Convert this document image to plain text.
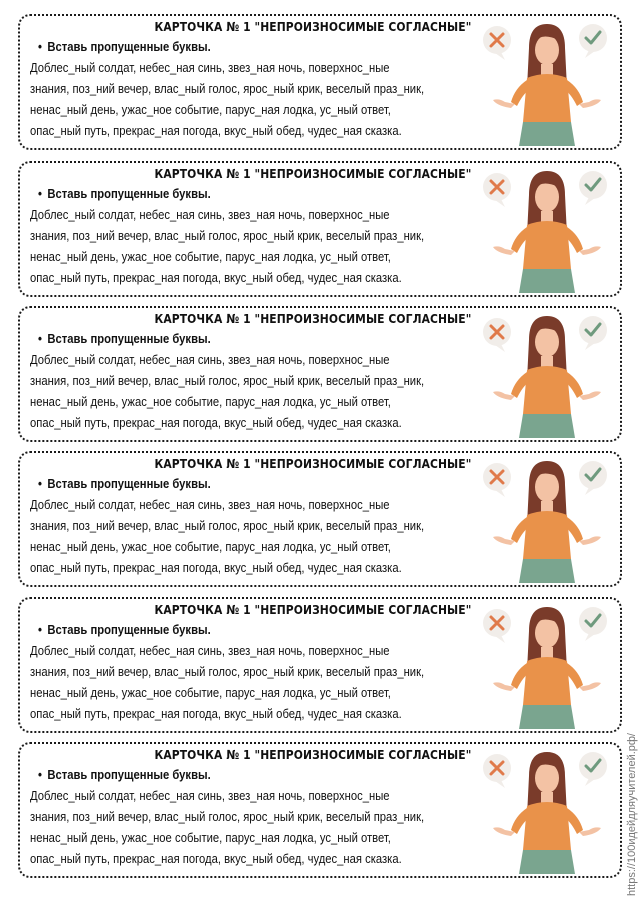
КАРТОЧКА № 1 "НЕПРОИЗНОСИМЫЕ СОГЛАСНЫЕ"
• Вставь пропущенные буквы.
Доблес_ный солдат, небес_ная синь, звез_ная ночь, поверхнос_ные
знания, поз_ний вечер, влас_ный голос, ярос_ный крик, веселый праз_ник,
ненас_ный день, ужас_ное событие, парус_ная лодка, ус_ный ответ,
опас_ный путь, прекрас_ная погода, вкус_ный обед, чудес_ная сказка.
КАРТОЧКА № 1 "НЕПРОИЗНОСИМЫЕ СОГЛАСНЫЕ"
• Вставь пропущенные буквы.
Доблес_ный солдат, небес_ная синь, звез_ная ночь, поверхнос_ные
знания, поз_ний вечер, влас_ный голос, ярос_ный крик, веселый праз_ник,
ненас_ный день, ужас_ное событие, парус_ная лодка, ус_ный ответ,
опас_ный путь, прекрас_ная погода, вкус_ный обед, чудес_ная сказка.
КАРТОЧКА № 1 "НЕПРОИЗНОСИМЫЕ СОГЛАСНЫЕ"
• Вставь пропущенные буквы.
Доблес_ный солдат, небес_ная синь, звез_ная ночь, поверхнос_ные
знания, поз_ний вечер, влас_ный голос, ярос_ный крик, веселый праз_ник,
ненас_ный день, ужас_ное событие, парус_ная лодка, ус_ный ответ,
опас_ный путь, прекрас_ная погода, вкус_ный обед, чудес_ная сказка.
КАРТОЧКА № 1 "НЕПРОИЗНОСИМЫЕ СОГЛАСНЫЕ"
• Вставь пропущенные буквы.
Доблес_ный солдат, небес_ная синь, звез_ная ночь, поверхнос_ные
знания, поз_ний вечер, влас_ный голос, ярос_ный крик, веселый праз_ник,
ненас_ный день, ужас_ное событие, парус_ная лодка, ус_ный ответ,
опас_ный путь, прекрас_ная погода, вкус_ный обед, чудес_ная сказка.
КАРТОЧКА № 1 "НЕПРОИЗНОСИМЫЕ СОГЛАСНЫЕ"
• Вставь пропущенные буквы.
Доблес_ный солдат, небес_ная синь, звез_ная ночь, поверхнос_ные
знания, поз_ний вечер, влас_ный голос, ярос_ный крик, веселый праз_ник,
ненас_ный день, ужас_ное событие, парус_ная лодка, ус_ный ответ,
опас_ный путь, прекрас_ная погода, вкус_ный обед, чудес_ная сказка.
КАРТОЧКА № 1 "НЕПРОИЗНОСИМЫЕ СОГЛАСНЫЕ"
• Вставь пропущенные буквы.
Доблес_ный солдат, небес_ная синь, звез_ная ночь, поверхнос_ные
знания, поз_ний вечер, влас_ный голос, ярос_ный крик, веселый праз_ник,
ненас_ный день, ужас_ное событие, парус_ная лодка, ус_ный ответ,
опас_ный путь, прекрас_ная погода, вкус_ный обед, чудес_ная сказка.	https://100идейдляучителей.рф/
